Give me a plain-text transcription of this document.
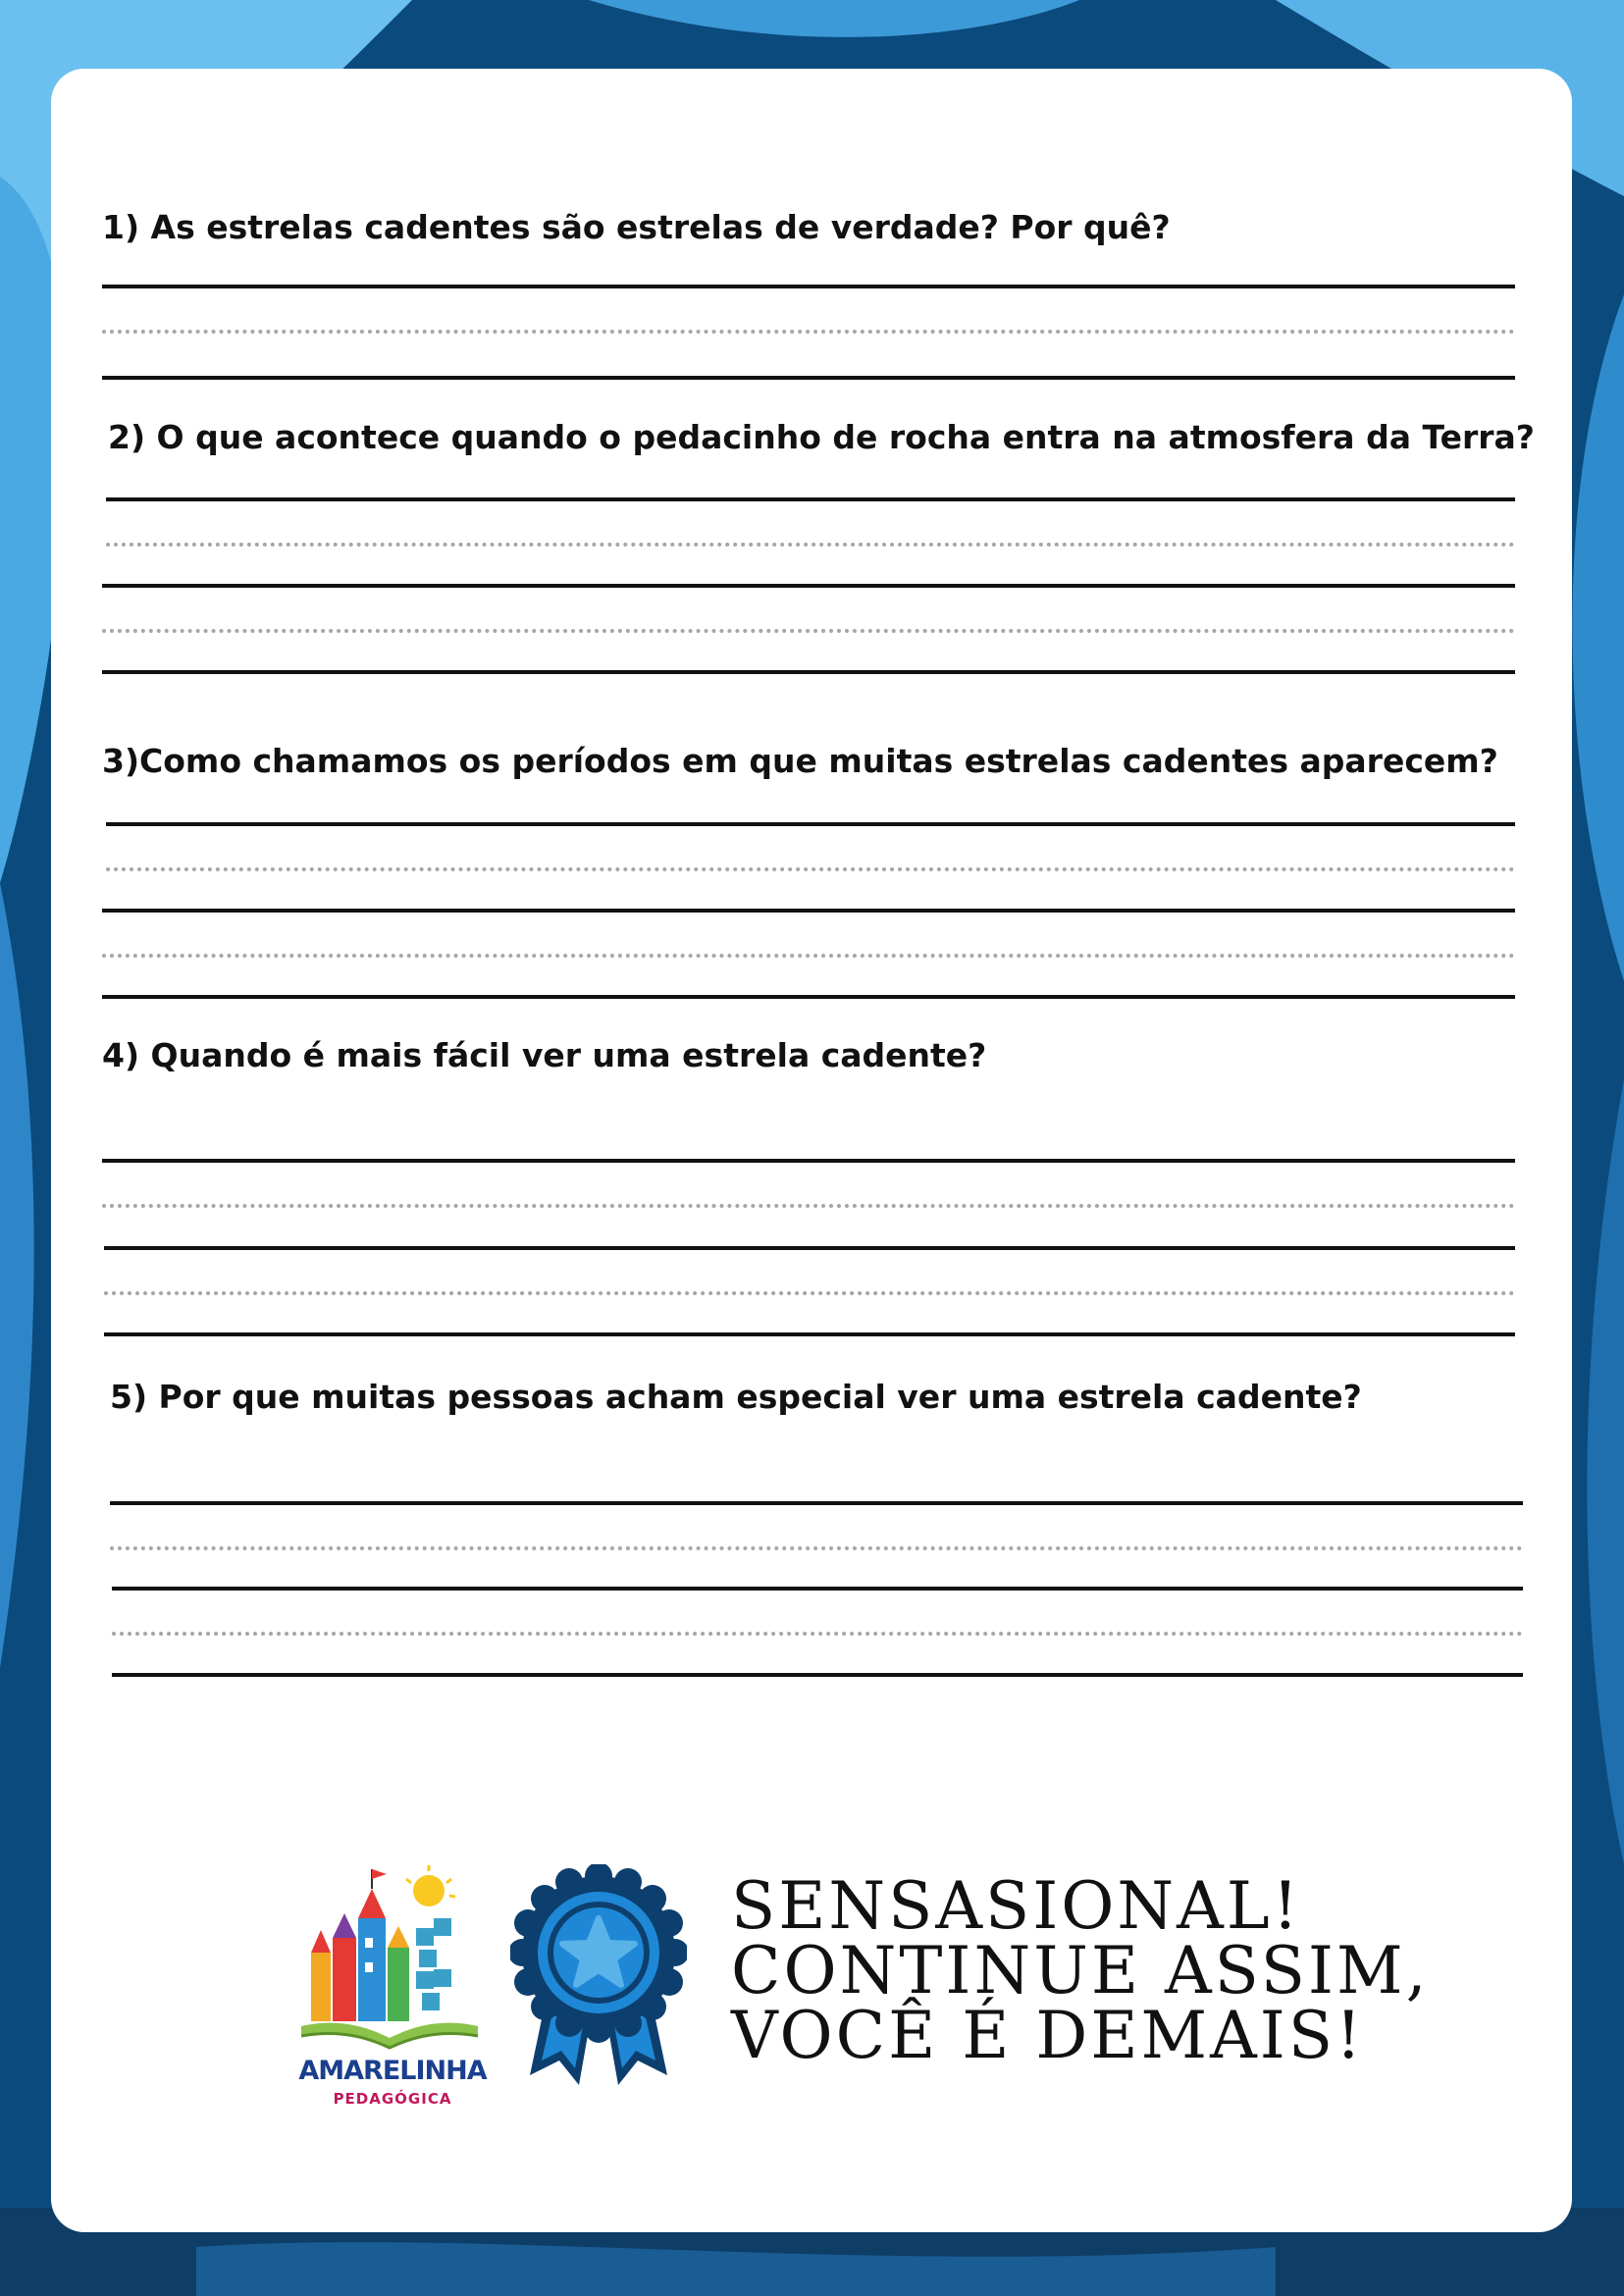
1) As estrelas cadentes são estrelas de verdade? Por quê?
2) O que acontece quando o pedacinho de rocha entra na atmosfera da Terra?
3)Como chamamos os períodos em que muitas estrelas cadentes aparecem?
4) Quando é mais fácil ver uma estrela cadente?
5) Por que muitas pessoas acham especial ver uma estrela cadente?
AMARELINHA
PEDAGÓGICA
SENSASIONAL!
CONTINUE ASSIM,
VOCÊ É DEMAIS!
